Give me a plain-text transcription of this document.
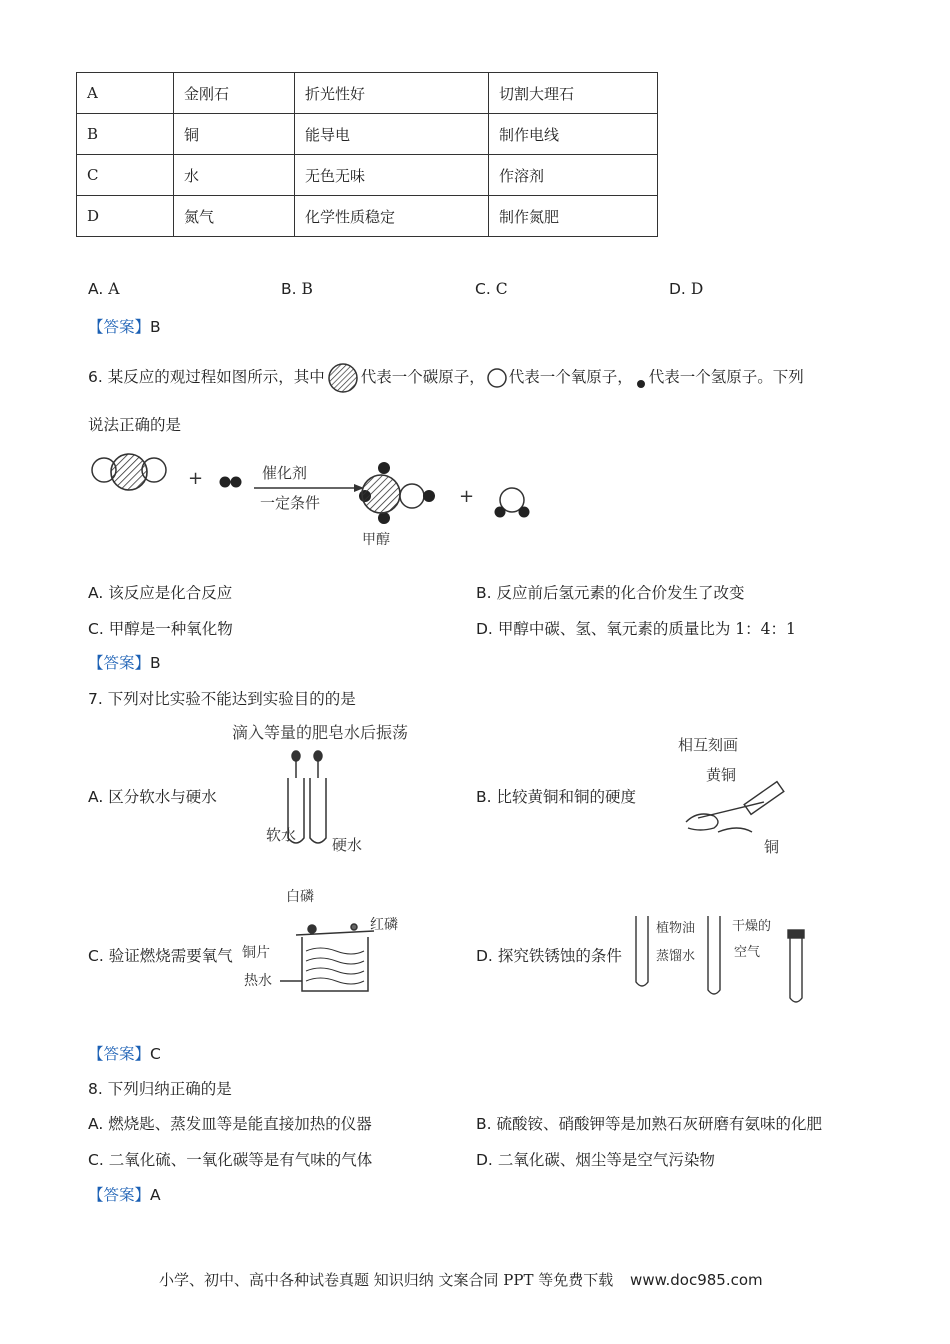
A	金刚石	折光性好	切割大理石
B	铜	能导电	制作电线
C	水	无色无味	作溶剂
D	氮气	化学性质稳定	制作氮肥
A. A	B. B	C. C	D. D
【答案】B
6. 某反应的观过程如图所示，其中 代表一个碳原子， 代表一个氧原子， 代表一个氢原子。下列
说法正确的是
+	催化剂
一定条件
甲醇
+
A. 该反应是化合反应	B. 反应前后氢元素的化合价发生了改变
C. 甲醇是一种氧化物	D. 甲醇中碳、氢、氧元素的质量比为 1：4：1
【答案】B
7. 下列对比实验不能达到实验目的的是
A. 区分软水与硬水	B. 比较黄铜和铜的硬度
C. 验证燃烧需要氧气	D. 探究铁锈蚀的条件
滴入等量的肥皂水后振荡
软水
硬水
相互刻画
黄铜
铜
白磷
红磷
铜片
热水
植物油
蒸馏水
干燥的
空气
【答案】C
8. 下列归纳正确的是
A. 燃烧匙、蒸发皿等是能直接加热的仪器	B. 硫酸铵、硝酸钾等是加熟石灰研磨有氨味的化肥
C. 二氧化硫、一氧化碳等是有气味的气体	D. 二氧化碳、烟尘等是空气污染物
【答案】A
小学、初中、高中各种试卷真题 知识归纳 文案合同 PPT 等免费下载 www.doc985.com
